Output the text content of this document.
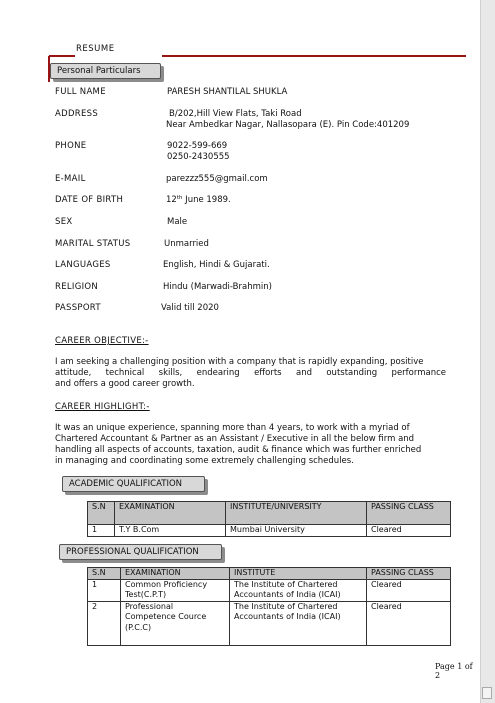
RESUME
Personal Particulars
FULL NAME	PARESH SHANTILAL SHUKLA
ADDRESS	B/202,Hill View Flats, Taki Road
Near Ambedkar Nagar, Nallasopara (E). Pin Code:401209
PHONE	9022-599-669
0250-2430555
E-MAIL	parezzz555@gmail.com
DATE OF BIRTH	12th June 1989.
SEX	Male
MARITAL STATUS	Unmarried
LANGUAGES	English, Hindi & Gujarati.
RELIGION	Hindu (Marwadi-Brahmin)
PASSPORT	Valid till 2020
CAREER OBJECTIVE:-
I am seeking a challenging position with a company that is rapidly expanding, positive
attitude, technical skills, endearing efforts and outstanding performance
and offers a good career growth.
CAREER HIGHLIGHT:-
It was an unique experience, spanning more than 4 years, to work with a myriad of
Chartered Accountant & Partner as an Assistant / Executive in all the below firm and
handling all aspects of accounts, taxation, audit & finance which was further enriched
in managing and coordinating some extremely challenging schedules.
ACADEMIC QUALIFICATION
S.N	EXAMINATION	INSTITUTE/UNIVERSITY	PASSING CLASS
1	T.Y B.Com	Mumbai University	Cleared
PROFESSIONAL QUALIFICATION
S.N	EXAMINATION	INSTITUTE	PASSING CLASS
1	Common Proficiency Test(C.P.T)	The Institute of Chartered Accountants of India (ICAI)	Cleared
2	Professional Competence Cource (P.C.C)	The Institute of Chartered Accountants of India (ICAI)	Cleared
Page 1 of 2
